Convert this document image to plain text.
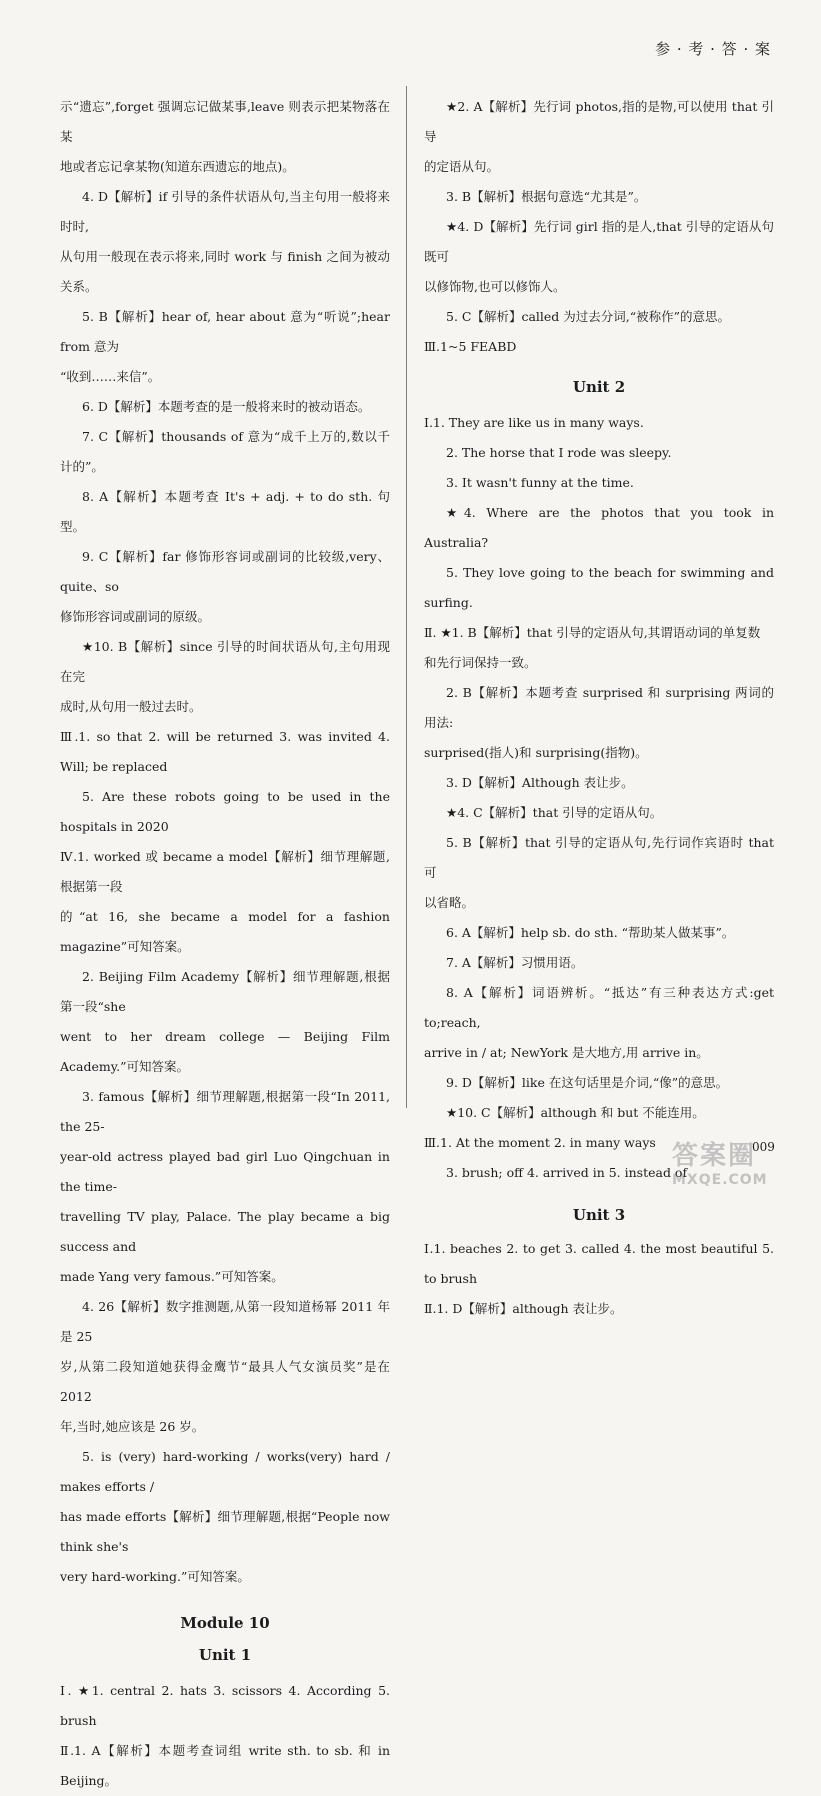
参 · 考 · 答 · 案

示“遗忘”,forget 强调忘记做某事,leave 则表示把某物落在某

地或者忘记拿某物(知道东西遗忘的地点)。

4. D【解析】if 引导的条件状语从句,当主句用一般将来时时,

从句用一般现在表示将来,同时 work 与 finish 之间为被动关系。

5. B【解析】hear of, hear about 意为“听说”;hear from 意为

“收到……来信”。

6. D【解析】本题考查的是一般将来时的被动语态。

7. C【解析】thousands of 意为“成千上万的,数以千计的”。

8. A【解析】本题考查 It's + adj. + to do sth. 句型。

9. C【解析】far 修饰形容词或副词的比较级,very、quite、so

修饰形容词或副词的原级。

★10. B【解析】since 引导的时间状语从句,主句用现在完

成时,从句用一般过去时。

Ⅲ.1. so that 2. will be returned 3. was invited 4. Will; be replaced

5. Are these robots going to be used in the hospitals in 2020

Ⅳ.1. worked 或 became a model【解析】细节理解题,根据第一段

的“at 16, she became a model for a fashion magazine”可知答案。

2. Beijing Film Academy【解析】细节理解题,根据第一段“she

went to her dream college — Beijing Film Academy.”可知答案。

3. famous【解析】细节理解题,根据第一段“In 2011, the 25-

year-old actress played bad girl Luo Qingchuan in the time-

travelling TV play, Palace. The play became a big success and

made Yang very famous.”可知答案。

4. 26【解析】数字推测题,从第一段知道杨幂 2011 年是 25

岁,从第二段知道她获得金鹰节“最具人气女演员奖”是在2012

年,当时,她应该是 26 岁。

5. is (very) hard-working / works(very) hard / makes efforts /

has made efforts【解析】细节理解题,根据“People now think she's

very hard-working.”可知答案。

Module 10

Unit 1

Ⅰ. ★1. central 2. hats 3. scissors 4. According 5. brush

Ⅱ.1. A【解析】本题考查词组 write sth. to sb. 和 in Beijing。

★2. A【解析】先行词 photos,指的是物,可以使用 that 引导

的定语从句。

3. B【解析】根据句意选“尤其是”。

★4. D【解析】先行词 girl 指的是人,that 引导的定语从句既可

以修饰物,也可以修饰人。

5. C【解析】called 为过去分词,“被称作”的意思。

Ⅲ.1~5 FEABD

Unit 2

Ⅰ.1. They are like us in many ways.

2. The horse that I rode was sleepy.

3. It wasn't funny at the time.

★4. Where are the photos that you took in Australia?

5. They love going to the beach for swimming and surfing.

Ⅱ. ★1. B【解析】that 引导的定语从句,其谓语动词的单复数

和先行词保持一致。

2. B【解析】本题考查 surprised 和 surprising 两词的用法:

surprised(指人)和 surprising(指物)。

3. D【解析】Although 表让步。

★4. C【解析】that 引导的定语从句。

5. B【解析】that 引导的定语从句,先行词作宾语时 that 可

以省略。

6. A【解析】help sb. do sth. “帮助某人做某事”。

7. A【解析】习惯用语。

8. A【解析】词语辨析。“抵达”有三种表达方式:get to;reach,

arrive in / at; NewYork 是大地方,用 arrive in。

9. D【解析】like 在这句话里是介词,“像”的意思。

★10. C【解析】although 和 but 不能连用。

Ⅲ.1. At the moment 2. in many ways

3. brush; off 4. arrived in 5. instead of

Unit 3

Ⅰ.1. beaches 2. to get 3. called 4. the most beautiful 5. to brush

Ⅱ.1. D【解析】although 表让步。

009
答案圈
MXQE.COM
